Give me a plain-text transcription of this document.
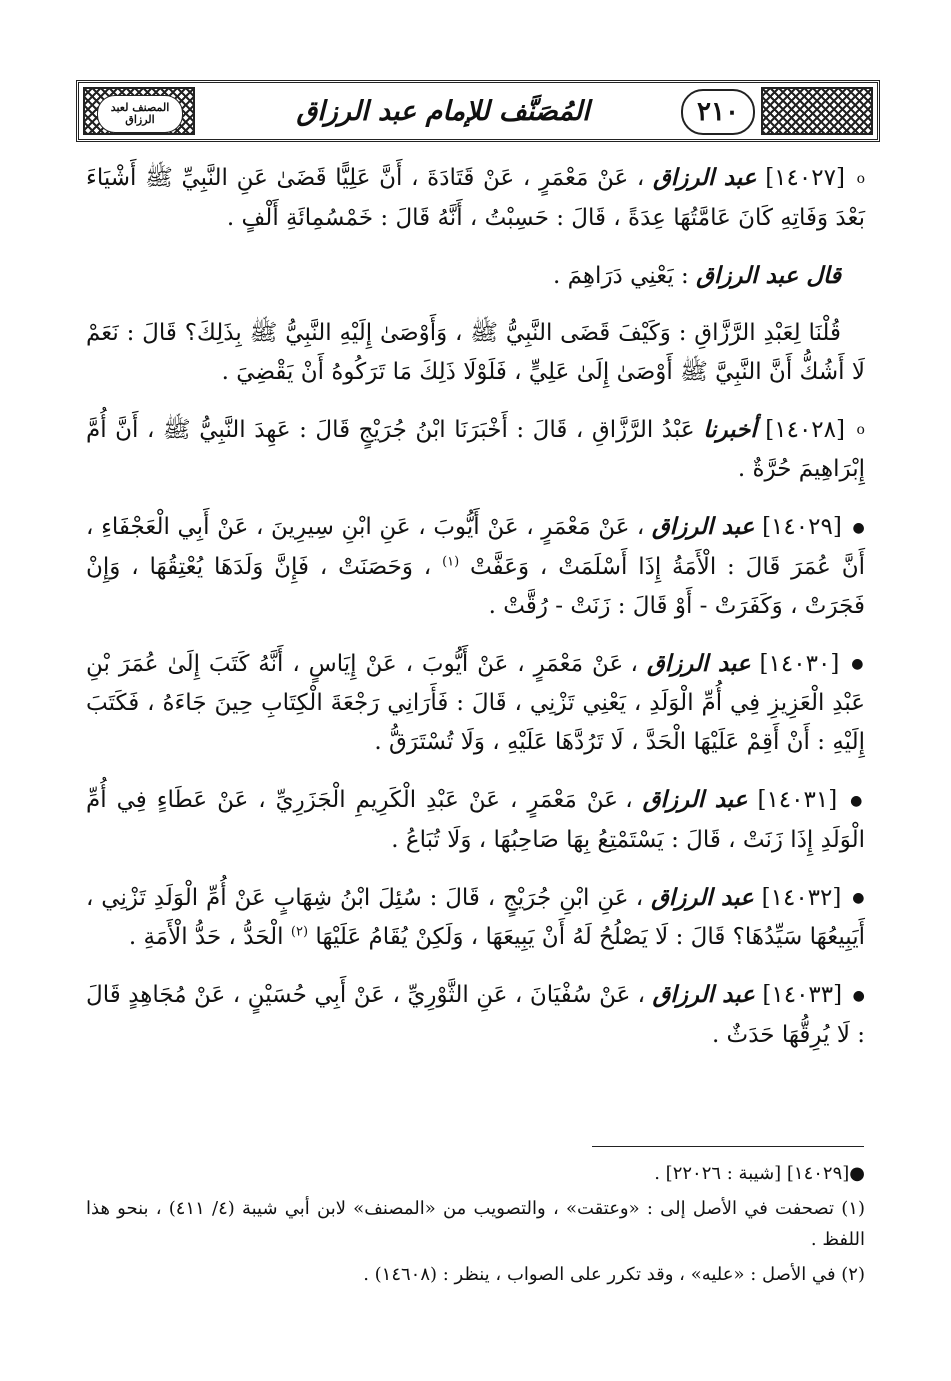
المصنف لعبد الرزاق	٢١٠
المُصَنَّف للإمام عبد الرزاق

ο [١٤٠٢٧] عبد الرزاق ، عَنْ مَعْمَرٍ ، عَنْ قَتَادَةَ ، أَنَّ عَلِيًّا قَضَىٰ عَنِ النَّبِيِّ ﷺ أَشْيَاءَ بَعْدَ وَفَاتِهِ كَانَ عَامَّتُهَا عِدَةً ، قَالَ : حَسِبْتُ ، أَنَّهُ قَالَ : خَمْسُمِائَةِ أَلْفٍ .

قال عبد الرزاق : يَعْنِي دَرَاهِمَ .

قُلْنَا لِعَبْدِ الرَّزَّاقِ : وَكَيْفَ قَضَى النَّبِيُّ ﷺ ، وَأَوْصَىٰ إِلَيْهِ النَّبِيُّ ﷺ بِذَلِكَ؟ قَالَ : نَعَمْ لَا أَشُكُّ أَنَّ النَّبِيَّ ﷺ أَوْصَىٰ إِلَىٰ عَلِيٍّ ، فَلَوْلَا ذَلِكَ مَا تَرَكُوهُ أَنْ يَقْضِيَ .

ο [١٤٠٢٨] أخبرنا عَبْدُ الرَّزَّاقِ ، قَالَ : أَخْبَرَنَا ابْنُ جُرَيْجٍ قَالَ : عَهِدَ النَّبِيُّ ﷺ ، أَنَّ أُمَّ إِبْرَاهِيمَ حُرَّةٌ .

● [١٤٠٢٩] عبد الرزاق ، عَنْ مَعْمَرٍ ، عَنْ أَيُّوبَ ، عَنِ ابْنِ سِيرِينَ ، عَنْ أَبِي الْعَجْفَاءِ ، أَنَّ عُمَرَ قَالَ : الْأَمَةُ إِذَا أَسْلَمَتْ ، وَعَفَّتْ $^{(١)}$ ، وَحَصَنَتْ ، فَإِنَّ وَلَدَهَا يُعْتِقُهَا ، وَإِنْ فَجَرَتْ ، وَكَفَرَتْ - أَوْ قَالَ : زَنَتْ - رُقَّتْ .

● [١٤٠٣٠] عبد الرزاق ، عَنْ مَعْمَرٍ ، عَنْ أَيُّوبَ ، عَنْ إِيَاسٍ ، أَنَّهُ كَتَبَ إِلَىٰ عُمَرَ بْنِ عَبْدِ الْعَزِيزِ فِي أُمِّ الْوَلَدِ ، يَعْنِي تَزْنِي ، قَالَ : فَأَرَانِي رَجْعَةَ الْكِتَابِ حِينَ جَاءَهُ ، فَكَتَبَ إِلَيْهِ : أَنْ أَقِمْ عَلَيْهَا الْحَدَّ ، لَا تَرُدَّهَا عَلَيْهِ ، وَلَا تُسْتَرَقُّ .

● [١٤٠٣١] عبد الرزاق ، عَنْ مَعْمَرٍ ، عَنْ عَبْدِ الْكَرِيمِ الْجَزَرِيِّ ، عَنْ عَطَاءٍ فِي أُمِّ الْوَلَدِ إِذَا زَنَتْ ، قَالَ : يَسْتَمْتِعُ بِهَا صَاحِبُهَا ، وَلَا تُبَاعُ .

● [١٤٠٣٢] عبد الرزاق ، عَنِ ابْنِ جُرَيْجٍ ، قَالَ : سُئِلَ ابْنُ شِهَابٍ عَنْ أُمِّ الْوَلَدِ تَزْنِي ، أَيَبِيعُهَا سَيِّدُهَا؟ قَالَ : لَا يَصْلُحُ لَهُ أَنْ يَبِيعَهَا ، وَلَكِنْ يُقَامُ عَلَيْهَا $^{(٢)}$ الْحَدُّ ، حَدُّ الْأَمَةِ .

● [١٤٠٣٣] عبد الرزاق ، عَنْ سُفْيَانَ ، عَنِ الثَّوْرِيِّ ، عَنْ أَبِي حُسَيْنٍ ، عَنْ مُجَاهِدٍ قَالَ : لَا يُرِقُّهَا حَدَثٌ .

●[١٤٠٢٩] [شيبة : ٢٢٠٢٦] .

(١) تصحفت في الأصل إلى : «وعتقت» ، والتصويب من «المصنف» لابن أبي شيبة (٤/ ٤١١) ، بنحو هذا اللفظ .

(٢) في الأصل : «عليه» ، وقد تكرر على الصواب ، ينظر : (١٤٦٠٨) .
